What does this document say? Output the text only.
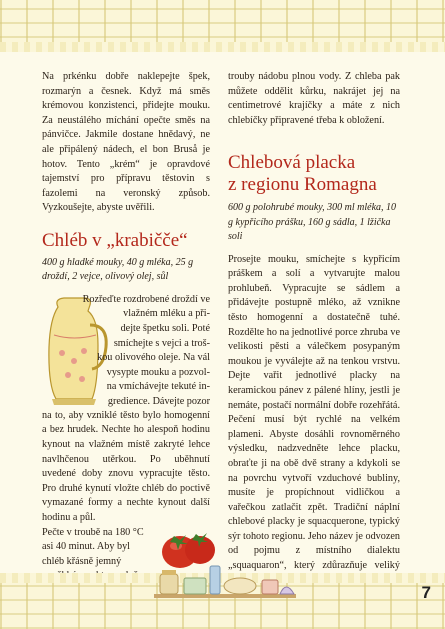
Na prkénku dobře naklepejte špek, rozmarýn a česnek. Když má směs krémovou konzistenci, přidejte mouku. Za neustálého míchání opečte směs na pánvičce. Jakmile dostane hnědavý, ne ale připálený nádech, el bon Bruså je hotov. Tento „krém“ je opravdové tajemství pro přípravu těstovin s fazolemi na veronský způsob. Vyzkoušejte, abyste uvěřili.

Chléb v „krabičče“

400 g hladké mouky, 40 g mléka, 25 g droždí, 2 vejce, olivový olej, sůl

Rozřeďte rozdrobené droždí ve
vlažném mléku a při-
dejte špetku soli. Poté
smíchejte s vejci a troš-
kou olivového oleje. Na vál
vysypte mouku a pozvol-
na vmíchávejte tekuté in-
gredience. Dávejte pozor

na to, aby vzniklé těsto bylo homogenní a bez hrudek. Nechte ho alespoň hodinu kynout na vlažném místě zakryté lehce navlhčenou utěrkou. Po uběhnutí uvedené doby znovu vypracujte těsto. Pro druhé kynutí vložte chléb do poctivě vymazané formy a nechte kynout další hodinu a půl.

Pečte v troubě na 180 °C
asi 40 minut. Aby byl
chléb křásně jemný

trouby nádobu plnou vody. Z chleba pak můžete oddělit kůrku, nakrájet jej na centimetrové krajíčky a máte z nich chlebíčky připravené třeba k obložení.

Chlebová placka
z regionu Romagna

600 g polohrubé mouky, 300 ml mléka, 10 g kypřicího prášku, 160 g sádla, 1 lžička soli

Prosejte mouku, smíchejte s kypřicím práškem a solí a vytvarujte malou prohlubeň. Vypracujte se sádlem a přidávejte postupně mléko, až vznikne těsto homogenní a dostatečně tuhé. Rozdělte ho na jednotlivé porce zhruba ve velikosti pěsti a válečkem posypaným moukou je vyválejte až na tenkou vrstvu. Dejte vařit jednotlivé placky na keramickou pánev z pálené hlíny, jestli je nemáte, postačí normální dobře rozehřátá. Pečení musí být rychlé na velkém plameni. Abyste dosáhli rovnoměrného výsledku, nadzvedněte lehce placku, obraťte ji na obě dvě strany a kdykoli se na povrchu vytvoří vzduchové bubliny, musíte je propíchnout vidličkou a vařečkou zatlačit zpět. Tradiční náplní chlebové placky je squacquerone, typický sýr tohoto regionu. Jeho název je odvozen od pojmu z místního dialektu „squaquaron“, který zdůrazňuje veliký

7
